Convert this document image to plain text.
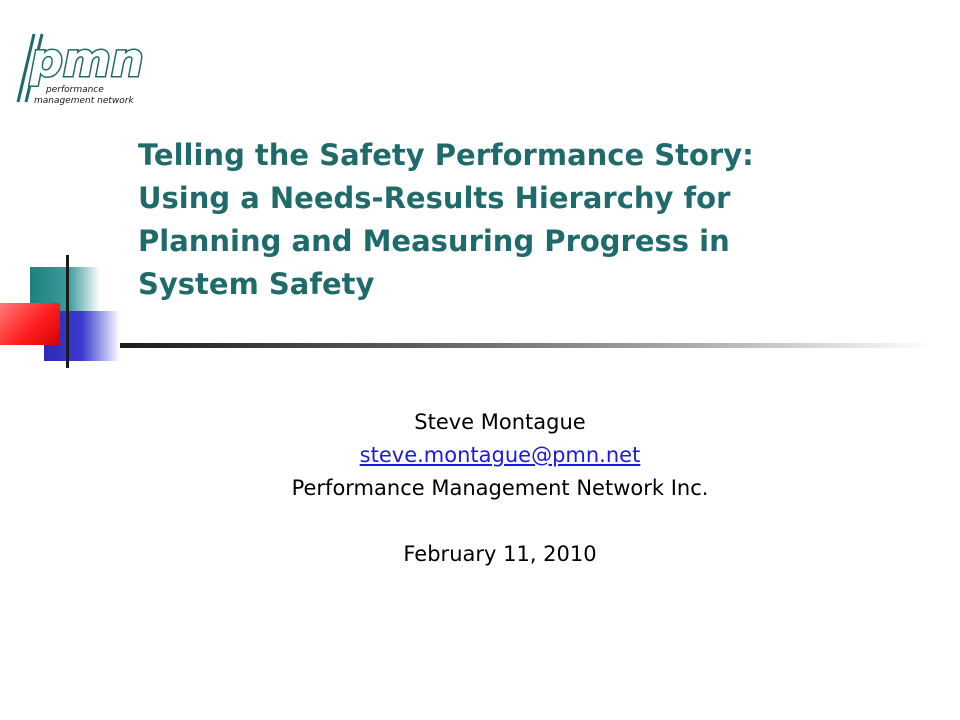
pmn
performance
management network
Telling the Safety Performance Story:
Using a Needs-Results Hierarchy for
Planning and Measuring Progress in
System Safety
Steve Montague
steve.montague@pmn.net
Performance Management Network Inc.
February 11, 2010
